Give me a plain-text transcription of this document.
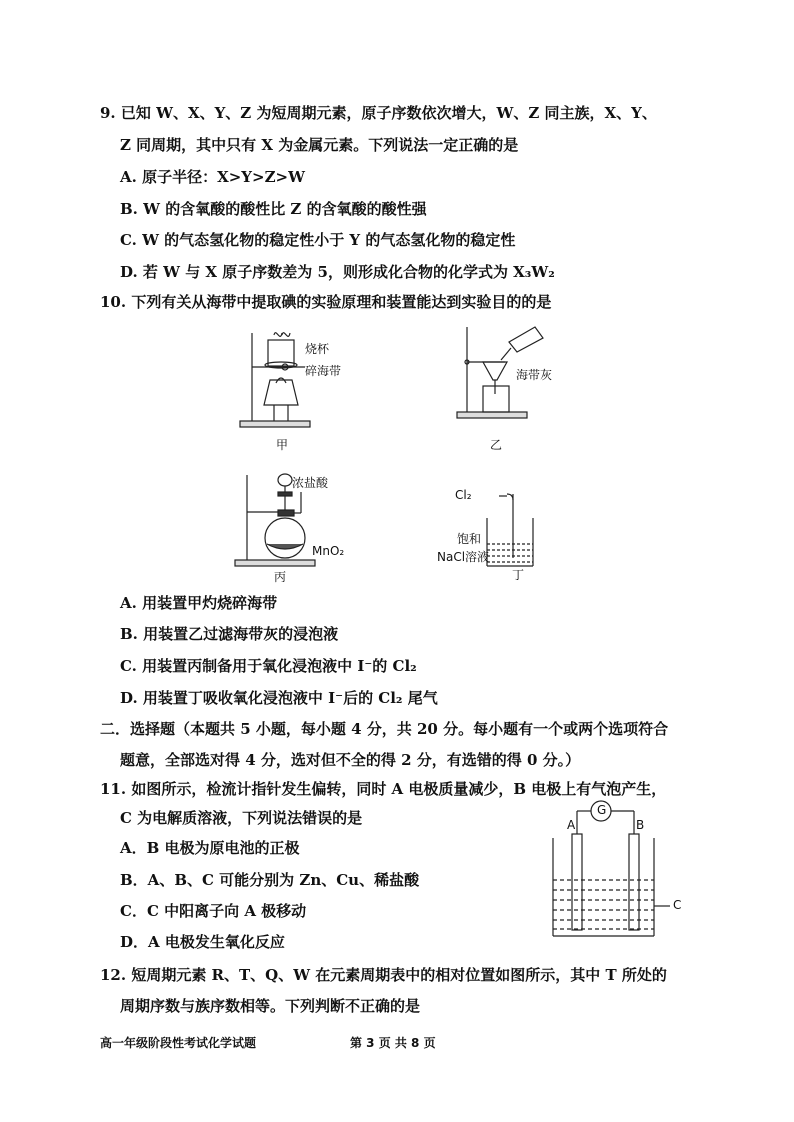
9. 已知 W、X、Y、Z 为短周期元素，原子序数依次增大，W、Z 同主族，X、Y、
Z 同周期，其中只有 X 为金属元素。下列说法一定正确的是
A. 原子半径：X>Y>Z>W
B. W 的含氧酸的酸性比 Z 的含氧酸的酸性强
C. W 的气态氢化物的稳定性小于 Y 的气态氢化物的稳定性
D. 若 W 与 X 原子序数差为 5，则形成化合物的化学式为 X₃W₂
10. 下列有关从海带中提取碘的实验原理和装置能达到实验目的的是
烧杯
碎海带
甲
海带灰
乙
浓盐酸
MnO₂
丙
Cl₂
饱和
NaCl溶液
丁
A. 用装置甲灼烧碎海带
B. 用装置乙过滤海带灰的浸泡液
C. 用装置丙制备用于氧化浸泡液中 I⁻的 Cl₂
D. 用装置丁吸收氧化浸泡液中 I⁻后的 Cl₂ 尾气
二．选择题（本题共 5 小题，每小题 4 分，共 20 分。每小题有一个或两个选项符合
题意，全部选对得 4 分，选对但不全的得 2 分，有选错的得 0 分。）
11. 如图所示，检流计指针发生偏转，同时 A 电极质量减少，B 电极上有气泡产生，
C 为电解质溶液，下列说法错误的是
A．B 电极为原电池的正极
B．A、B、C 可能分别为 Zn、Cu、稀盐酸
C．C 中阳离子向 A 极移动
D．A 电极发生氧化反应
G
A	B
C
12. 短周期元素 R、T、Q、W 在元素周期表中的相对位置如图所示，其中 T 所处的
周期序数与族序数相等。下列判断不正确的是
高一年级阶段性考试化学试题	第 3 页 共 8 页
